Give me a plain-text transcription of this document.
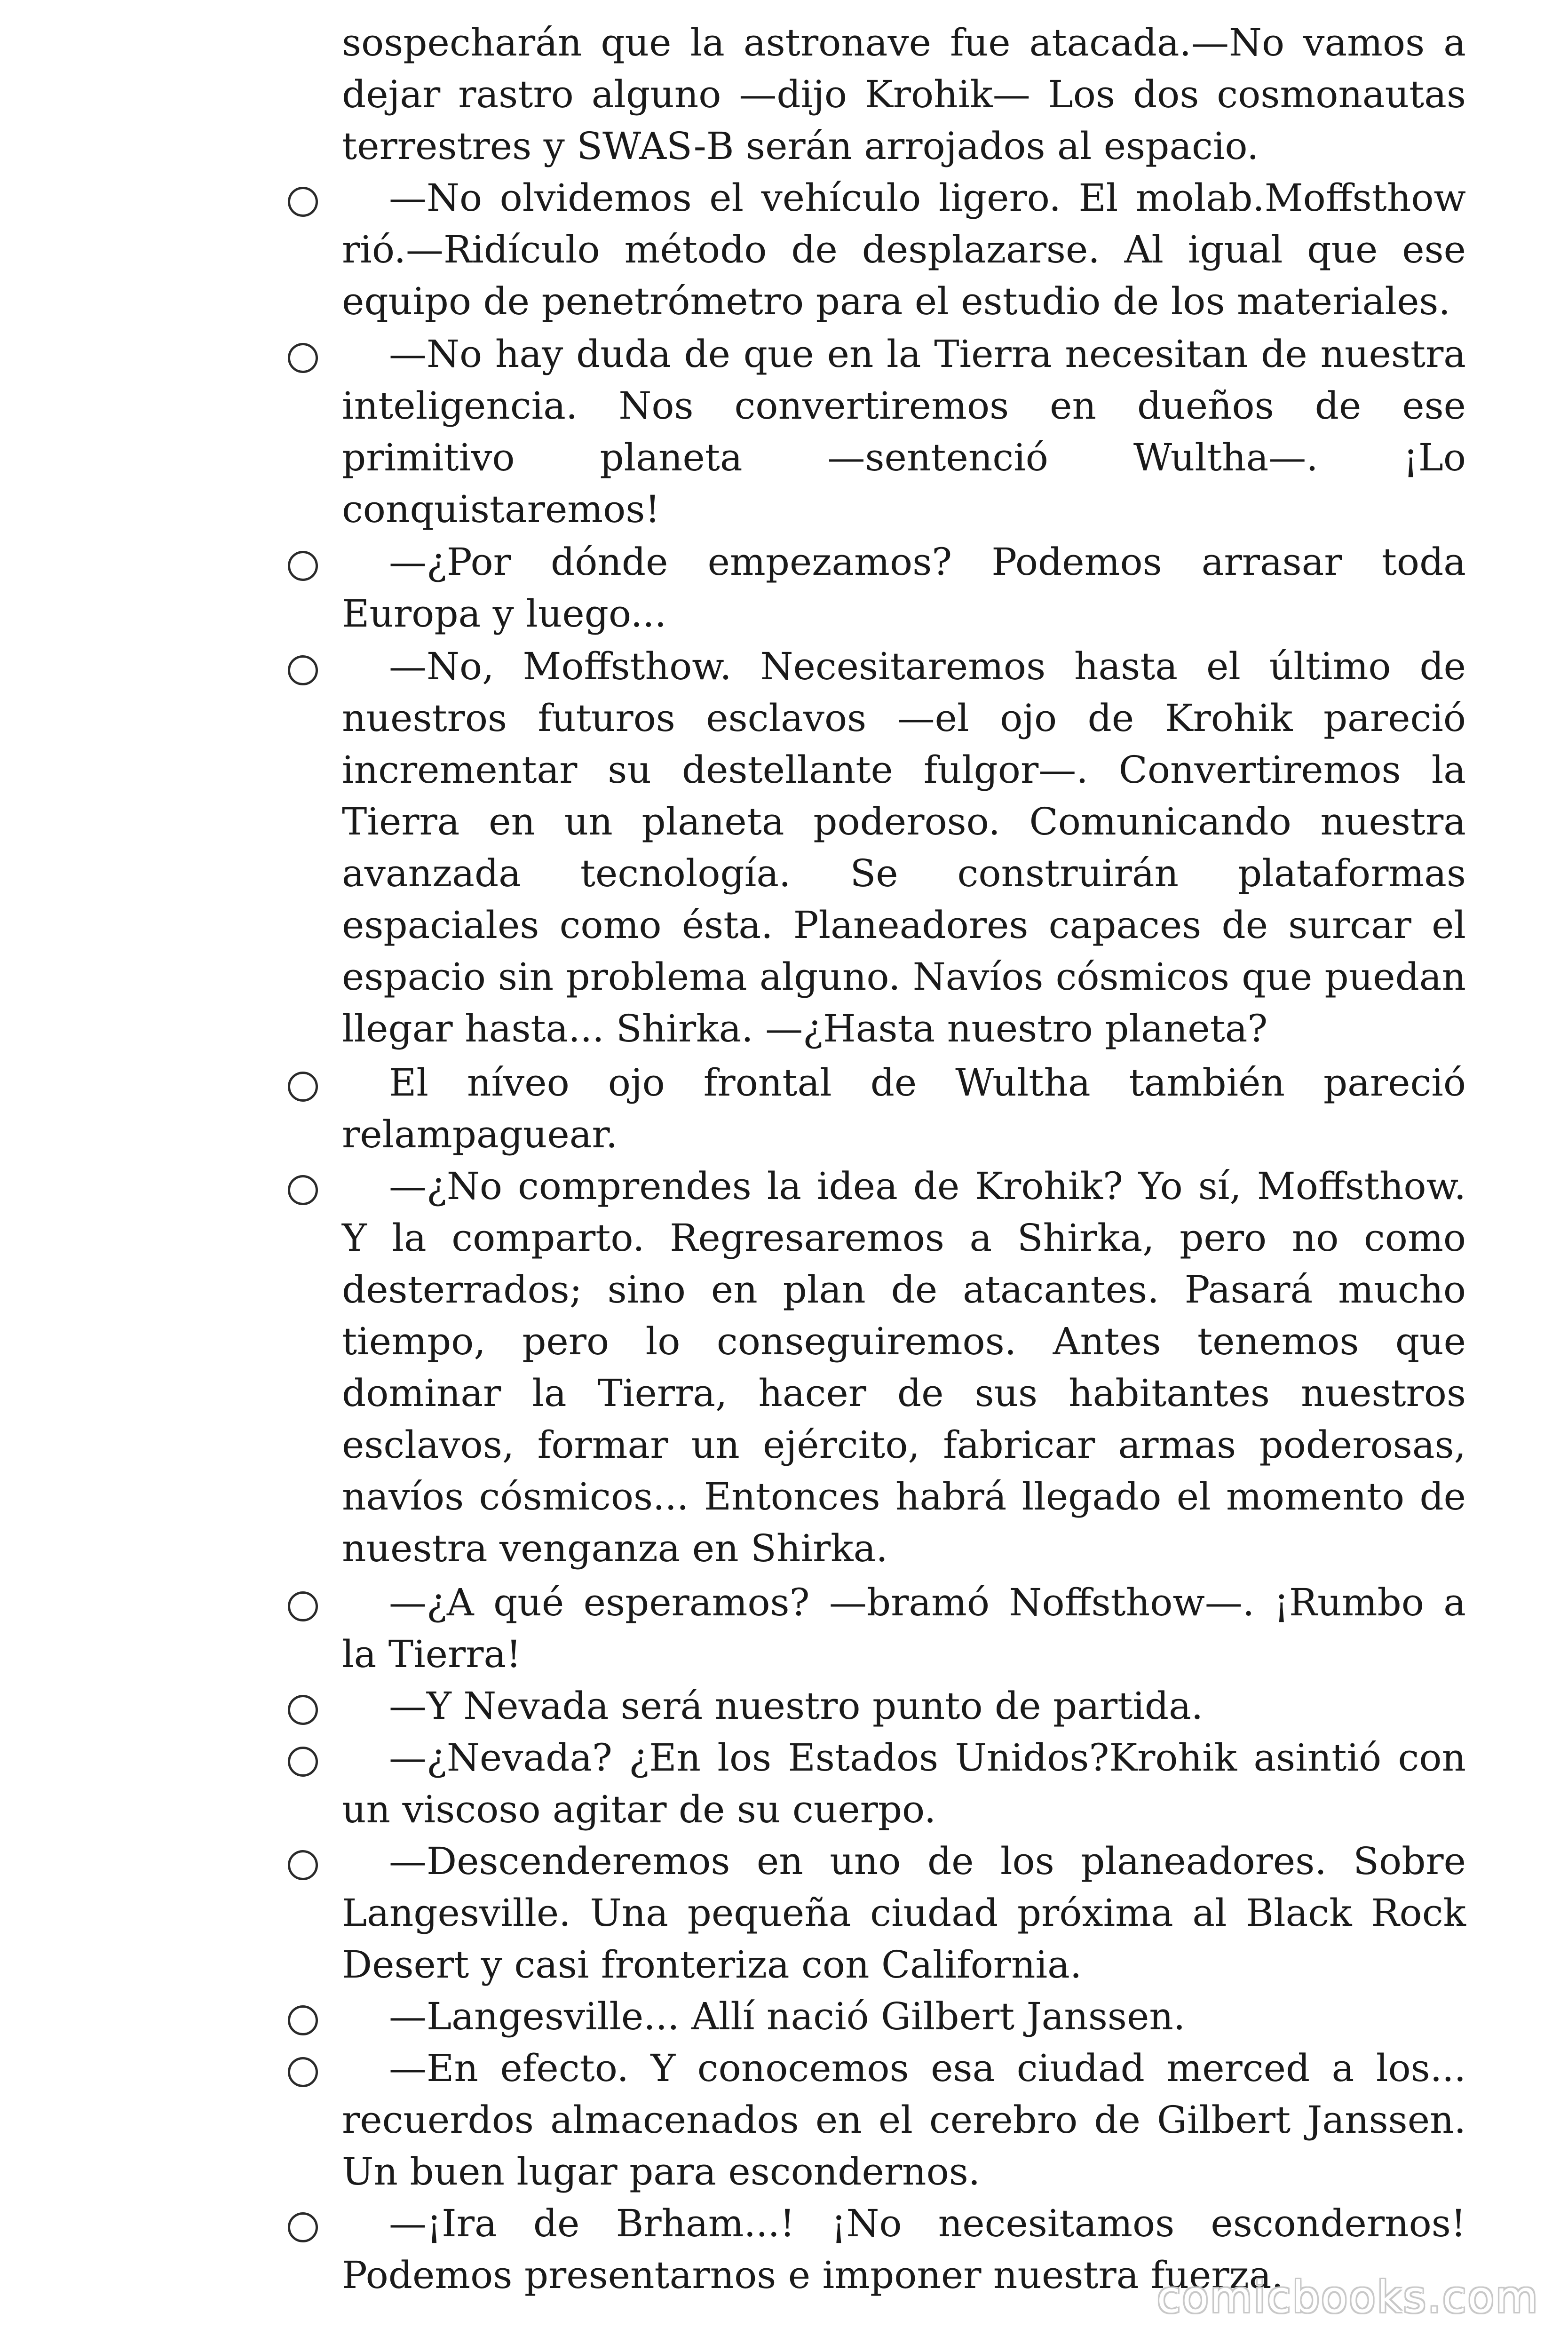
sospecharán que la astronave fue atacada.—No vamos a dejar rastro alguno —dijo Krohik— Los dos cosmonautas terrestres y SWAS-B serán arrojados al espacio.

—No olvidemos el vehículo ligero. El molab.Moffsthow rió.—Ridículo método de desplazarse. Al igual que ese equipo de penetrómetro para el estudio de los materiales.

—No hay duda de que en la Tierra necesitan de nuestra inteligencia. Nos convertiremos en dueños de ese primitivo planeta —sentenció Wultha—. ¡Lo conquistaremos!

—¿Por dónde empezamos? Podemos arrasar toda Europa y luego...

—No, Moffsthow. Necesitaremos hasta el último de nuestros futuros esclavos —el ojo de Krohik pareció incrementar su destellante fulgor—. Convertiremos la Tierra en un planeta poderoso. Comunicando nuestra avanzada tecnología. Se construirán plataformas espaciales como ésta. Planeadores capaces de surcar el espacio sin problema alguno. Navíos cósmicos que puedan llegar hasta... Shirka. —¿Hasta nuestro planeta?

El níveo ojo frontal de Wultha también pareció relampaguear.

—¿No comprendes la idea de Krohik? Yo sí, Moffsthow. Y la comparto. Regresaremos a Shirka, pero no como desterrados; sino en plan de atacantes. Pasará mucho tiempo, pero lo conseguiremos. Antes tenemos que dominar la Tierra, hacer de sus habitantes nuestros esclavos, formar un ejército, fabricar armas poderosas, navíos cósmicos... Entonces habrá llegado el momento de nuestra venganza en Shirka.

—¿A qué esperamos? —bramó Noffsthow—. ¡Rumbo a la Tierra!

—Y Nevada será nuestro punto de partida.

—¿Nevada? ¿En los Estados Unidos?Krohik asintió con un viscoso agitar de su cuerpo.

—Descenderemos en uno de los planeadores. Sobre Langesville. Una pequeña ciudad próxima al Black Rock Desert y casi fronteriza con California.

—Langesville... Allí nació Gilbert Janssen.

—En efecto. Y conocemos esa ciudad merced a los... recuerdos almacenados en el cerebro de Gilbert Janssen. Un buen lugar para escondernos.

—¡Ira de Brham...! ¡No necesitamos escondernos! Podemos presentarnos e imponer nuestra fuerza.

comicbooks.com
